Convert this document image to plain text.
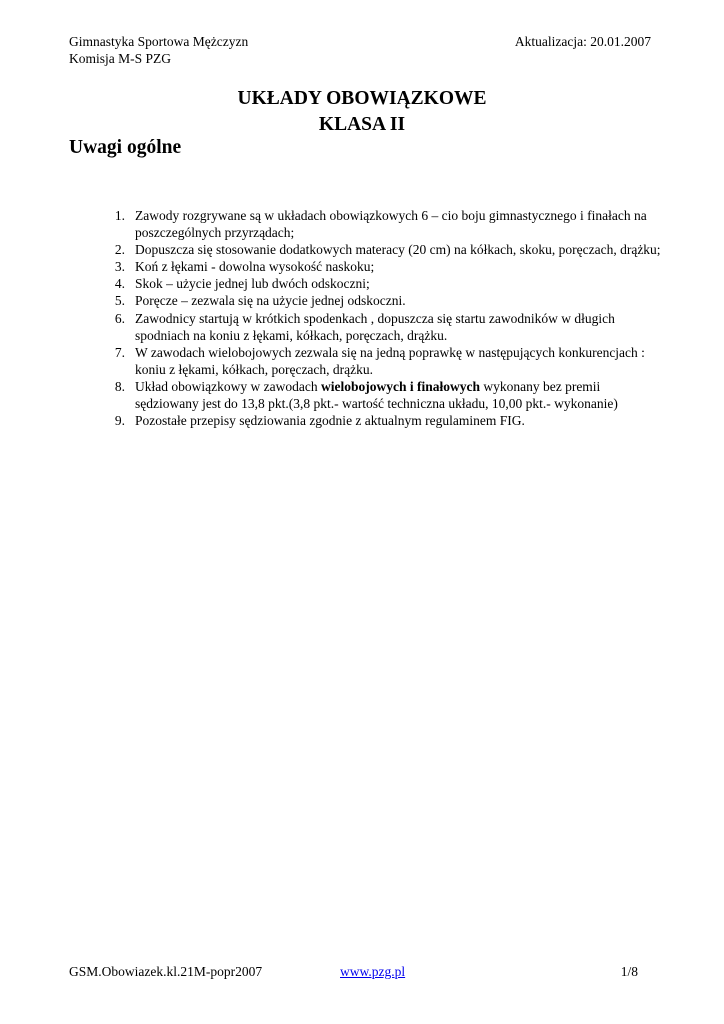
Gimnastyka Sportowa Mężczyzn
Komisja M-S PZG
Aktualizacja: 20.01.2007
UKŁADY OBOWIĄZKOWE
KLASA II
Uwagi ogólne
1. Zawody rozgrywane są w układach obowiązkowych 6 – cio boju gimnastycznego i finałach na poszczególnych przyrządach;
2. Dopuszcza się stosowanie dodatkowych materacy (20 cm) na kółkach, skoku, poręczach, drążku;
3. Koń z łękami - dowolna wysokość naskoku;
4. Skok – użycie jednej lub dwóch odskoczni;
5. Poręcze – zezwala się na użycie jednej odskoczni.
6. Zawodnicy startują w krótkich spodenkach , dopuszcza się startu zawodników w długich spodniach na koniu z łękami, kółkach, poręczach, drążku.
7. W zawodach wielobojowych zezwala się na jedną poprawkę w następujących konkurencjach : koniu z łękami, kółkach, poręczach, drążku.
8. Układ obowiązkowy w zawodach wielobojowych i finałowych wykonany bez premii sędziowany jest do 13,8 pkt.(3,8 pkt.- wartość techniczna układu, 10,00 pkt.- wykonanie)
9. Pozostałe przepisy sędziowania zgodnie z aktualnym regulaminem FIG.
GSM.Obowiazek.kl.21M-popr2007	www.pzg.pl	1/8
